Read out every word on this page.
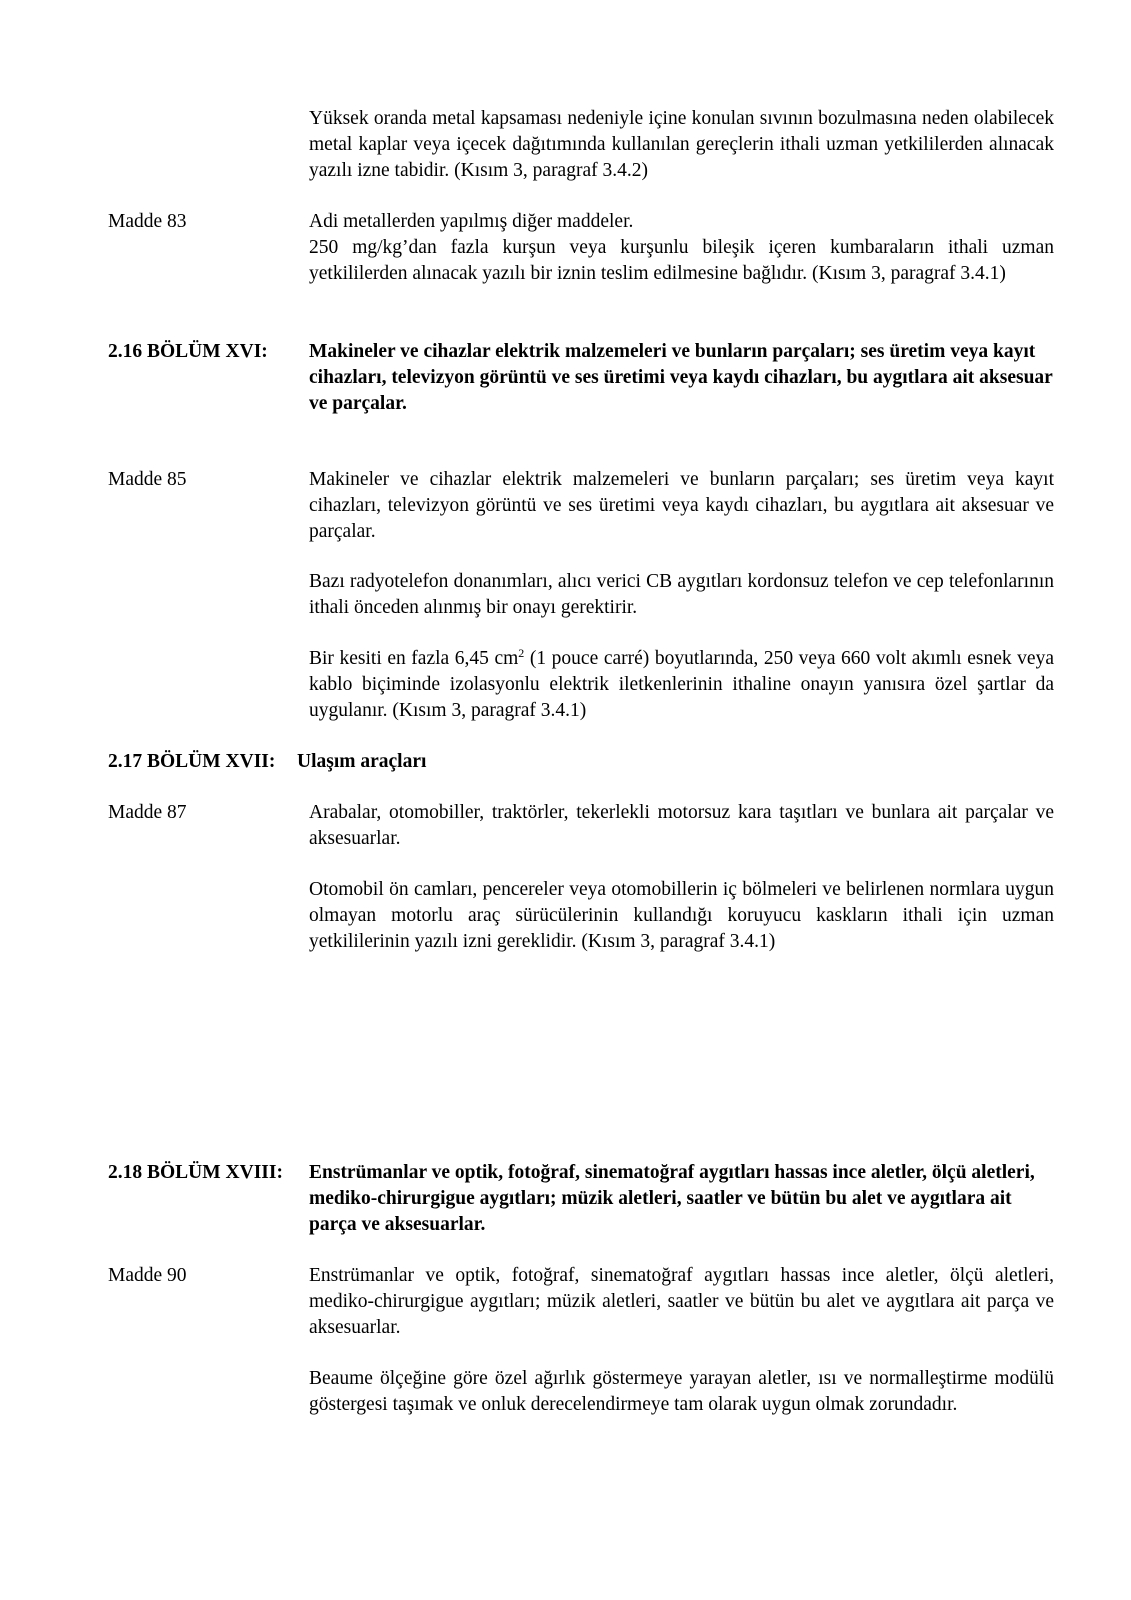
Yüksek oranda metal kapsaması nedeniyle içine konulan sıvının bozulmasına neden olabilecek metal kaplar veya içecek dağıtımında kullanılan gereçlerin ithali uzman yetkililerden alınacak yazılı izne tabidir. (Kısım 3, paragraf 3.4.2)

Madde 83	Adi metallerden yapılmış diğer maddeler.

250 mg/kg’dan fazla kurşun veya kurşunlu bileşik içeren kumbaraların ithali uzman yetkililerden alınacak yazılı bir iznin teslim edilmesine bağlıdır. (Kısım 3, paragraf 3.4.1)

2.16 BÖLÜM XVI: Makineler ve cihazlar elektrik malzemeleri ve bunların parçaları; ses üretim veya kayıt cihazları, televizyon görüntü ve ses üretimi veya kaydı cihazları, bu aygıtlara ait aksesuar ve parçalar.

Madde 85	Makineler ve cihazlar elektrik malzemeleri ve bunların parçaları; ses üretim veya kayıt cihazları, televizyon görüntü ve ses üretimi veya kaydı cihazları, bu aygıtlara ait aksesuar ve parçalar.

Bazı radyotelefon donanımları, alıcı verici CB aygıtları kordonsuz telefon ve cep telefonlarının ithali önceden alınmış bir onayı gerektirir.

Bir kesiti en fazla 6,45 $cm^2$ (1 pouce carré) boyutlarında, 250 veya 660 volt akımlı esnek veya kablo biçiminde izolasyonlu elektrik iletkenlerinin ithaline onayın yanısıra özel şartlar da uygulanır. (Kısım 3, paragraf 3.4.1)

2.17 BÖLÜM XVII: Ulaşım araçları

Madde 87	Arabalar, otomobiller, traktörler, tekerlekli motorsuz kara taşıtları ve bunlara ait parçalar ve aksesuarlar.

Otomobil ön camları, pencereler veya otomobillerin iç bölmeleri ve belirlenen normlara uygun olmayan motorlu araç sürücülerinin kullandığı koruyucu kaskların ithali için uzman yetkililerinin yazılı izni gereklidir. (Kısım 3, paragraf 3.4.1)

2.18 BÖLÜM XVIII: Enstrümanlar ve optik, fotoğraf, sinematoğraf aygıtları hassas ince aletler, ölçü aletleri, mediko-chirurgigue aygıtları; müzik aletleri, saatler ve bütün bu alet ve aygıtlara ait parça ve aksesuarlar.

Madde 90	Enstrümanlar ve optik, fotoğraf, sinematoğraf aygıtları hassas ince aletler, ölçü aletleri, mediko-chirurgigue aygıtları; müzik aletleri, saatler ve bütün bu alet ve aygıtlara ait parça ve aksesuarlar.

Beaume ölçeğine göre özel ağırlık göstermeye yarayan aletler, ısı ve normalleştirme modülü göstergesi taşımak ve onluk derecelendirmeye tam olarak uygun olmak zorundadır.
